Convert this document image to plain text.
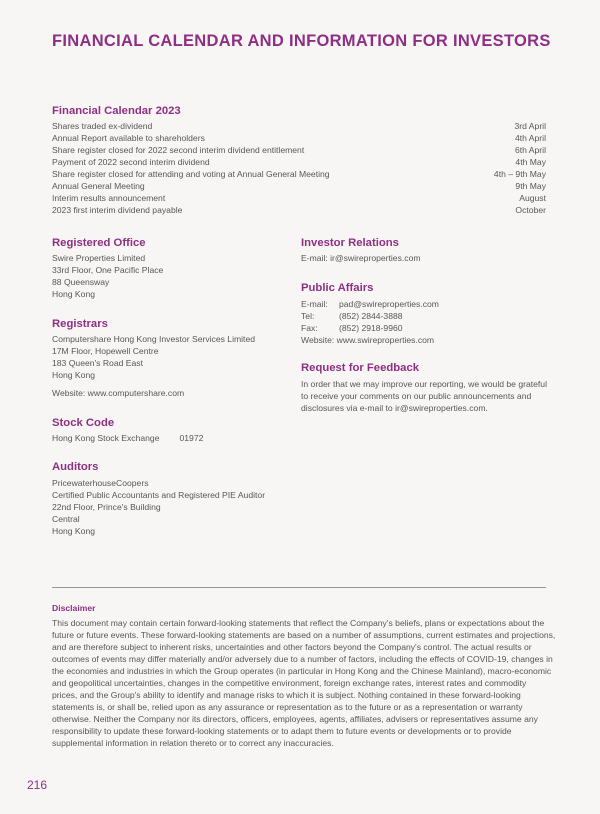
FINANCIAL CALENDAR AND INFORMATION FOR INVESTORS
Financial Calendar 2023
Shares traded ex-dividend	3rd April
Annual Report available to shareholders	4th April
Share register closed for 2022 second interim dividend entitlement	6th April
Payment of 2022 second interim dividend	4th May
Share register closed for attending and voting at Annual General Meeting	4th – 9th May
Annual General Meeting	9th May
Interim results announcement	August
2023 first interim dividend payable	October
Registered Office
Swire Properties Limited
33rd Floor, One Pacific Place
88 Queensway
Hong Kong
Registrars
Computershare Hong Kong Investor Services Limited
17M Floor, Hopewell Centre
183 Queen's Road East
Hong Kong
Website: www.computershare.com
Stock Code
Hong Kong Stock Exchange 01972
Auditors
PricewaterhouseCoopers
Certified Public Accountants and Registered PIE Auditor
22nd Floor, Prince's Building
Central
Hong Kong
Investor Relations
E-mail: ir@swireproperties.com
Public Affairs
E-mail:	pad@swireproperties.com
Tel:	(852) 2844-3888
Fax:	(852) 2918-9960
Website: www.swireproperties.com
Request for Feedback
In order that we may improve our reporting, we would be grateful
to receive your comments on our public announcements and
disclosures via e-mail to ir@swireproperties.com.
Disclaimer
This document may contain certain forward-looking statements that reflect the Company's beliefs, plans or expectations about the
future or future events. These forward-looking statements are based on a number of assumptions, current estimates and projections,
and are therefore subject to inherent risks, uncertainties and other factors beyond the Company's control. The actual results or
outcomes of events may differ materially and/or adversely due to a number of factors, including the effects of COVID-19, changes in
the economies and industries in which the Group operates (in particular in Hong Kong and the Chinese Mainland), macro-economic
and geopolitical uncertainties, changes in the competitive environment, foreign exchange rates, interest rates and commodity
prices, and the Group's ability to identify and manage risks to which it is subject. Nothing contained in these forward-looking
statements is, or shall be, relied upon as any assurance or representation as to the future or as a representation or warranty
otherwise. Neither the Company nor its directors, officers, employees, agents, affiliates, advisers or representatives assume any
responsibility to update these forward-looking statements or to adapt them to future events or developments or to provide
supplemental information in relation thereto or to correct any inaccuracies.
216
